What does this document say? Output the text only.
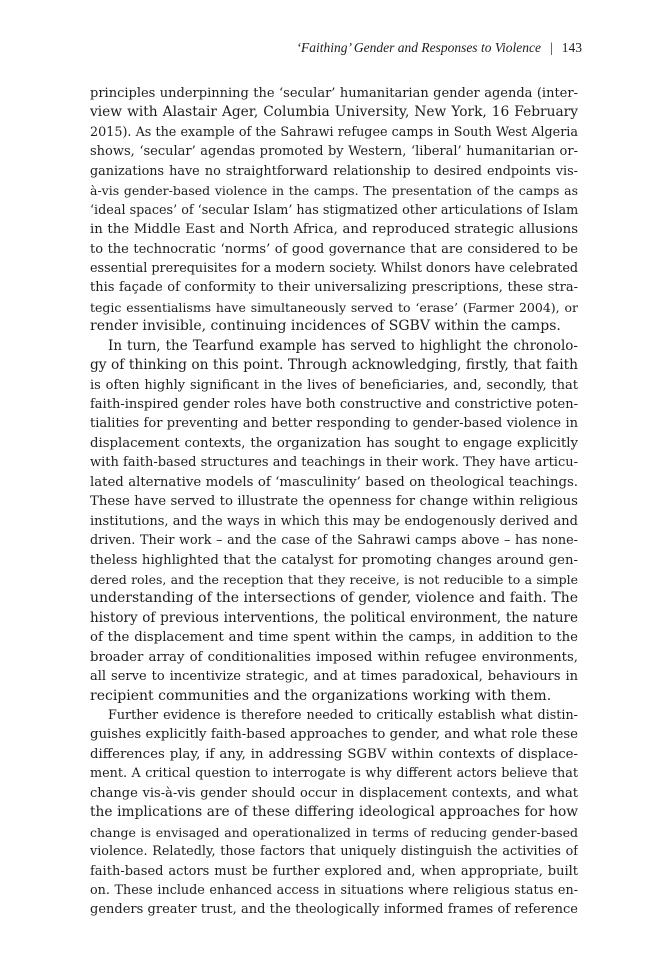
‘Faithing’ Gender and Responses to Violence | 143
principles underpinning the ‘secular’ humanitarian gender agenda (inter-
view with Alastair Ager, Columbia University, New York, 16 February
2015). As the example of the Sahrawi refugee camps in South West Algeria
shows, ‘secular’ agendas promoted by Western, ‘liberal’ humanitarian or-
ganizations have no straightforward relationship to desired endpoints vis-
à-vis gender-based violence in the camps. The presentation of the camps as
‘ideal spaces’ of ‘secular Islam’ has stigmatized other articulations of Islam
in the Middle East and North Africa, and reproduced strategic allusions
to the technocratic ‘norms’ of good governance that are considered to be
essential prerequisites for a modern society. Whilst donors have celebrated
this façade of conformity to their universalizing prescriptions, these stra-
tegic essentialisms have simultaneously served to ‘erase’ (Farmer 2004), or
render invisible, continuing incidences of SGBV within the camps.
In turn, the Tearfund example has served to highlight the chronolo-
gy of thinking on this point. Through acknowledging, firstly, that faith
is often highly significant in the lives of beneficiaries, and, secondly, that
faith-inspired gender roles have both constructive and constrictive poten-
tialities for preventing and better responding to gender-based violence in
displacement contexts, the organization has sought to engage explicitly
with faith-based structures and teachings in their work. They have articu-
lated alternative models of ‘masculinity’ based on theological teachings.
These have served to illustrate the openness for change within religious
institutions, and the ways in which this may be endogenously derived and
driven. Their work – and the case of the Sahrawi camps above – has none-
theless highlighted that the catalyst for promoting changes around gen-
dered roles, and the reception that they receive, is not reducible to a simple
understanding of the intersections of gender, violence and faith. The
history of previous interventions, the political environment, the nature
of the displacement and time spent within the camps, in addition to the
broader array of conditionalities imposed within refugee environments,
all serve to incentivize strategic, and at times paradoxical, behaviours in
recipient communities and the organizations working with them.
Further evidence is therefore needed to critically establish what distin-
guishes explicitly faith-based approaches to gender, and what role these
differences play, if any, in addressing SGBV within contexts of displace-
ment. A critical question to interrogate is why different actors believe that
change vis-à-vis gender should occur in displacement contexts, and what
the implications are of these differing ideological approaches for how
change is envisaged and operationalized in terms of reducing gender-based
violence. Relatedly, those factors that uniquely distinguish the activities of
faith-based actors must be further explored and, when appropriate, built
on. These include enhanced access in situations where religious status en-
genders greater trust, and the theologically informed frames of reference
